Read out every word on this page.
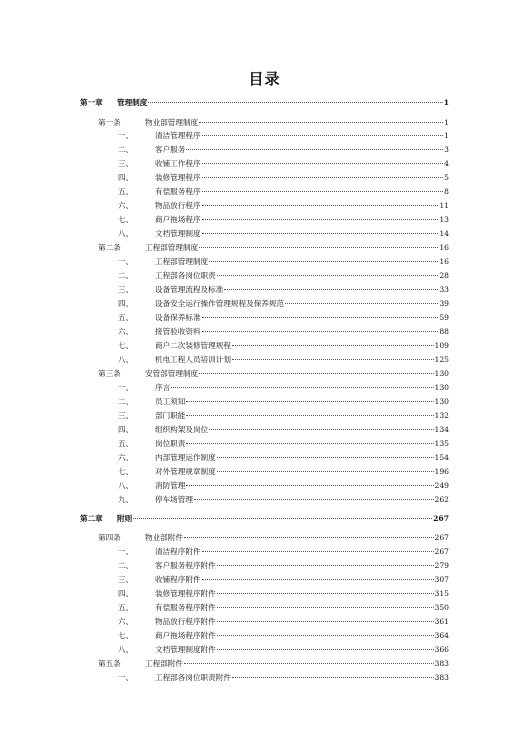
目录
第一章	管理制度	1
第一条	物业部管理制度	1
一、	清洁管理程序	1
二、	客户服务	3
三、	收铺工作程序	4
四、	装修管理程序	5
五、	有偿服务程序	8
六、	物品放行程序	11
七、	商户拖场程序	13
八、	文档管理制度	14
第二条	工程部管理制度	16
一、	工程部管理制度	16
二、	工程部各岗位职责	28
三、	设备管理流程及标准	33
四、	设备安全运行操作管理规程及保养规范	39
五、	设备保养标准	59
六、	接管验收资料	88
七、	商户二次装修管理规程	109
八、	机电工程人员培训计划	125
第三条	安管部管理制度	130
一、	序言	130
二、	员工须知	130
三、	部门职能	132
四、	组织构架及岗位	134
五、	岗位职责	135
六、	内部管理运作制度	154
七、	对外管理规章制度	196
八、	消防管理	249
九、	停车场管理	262
第二章	附则	267
第四条	物业部附件	267
一、	清洁程序附件	267
二、	客户服务程序附件	279
三、	收铺程序附件	307
四、	装修管理程序附件	315
五、	有偿服务程序附件	350
六、	物品放行程序附件	361
七、	商户拖场程序附件	364
八、	文档管理制度附件	366
第五条	工程部附件	383
一、	工程部各岗位职责附件	383
